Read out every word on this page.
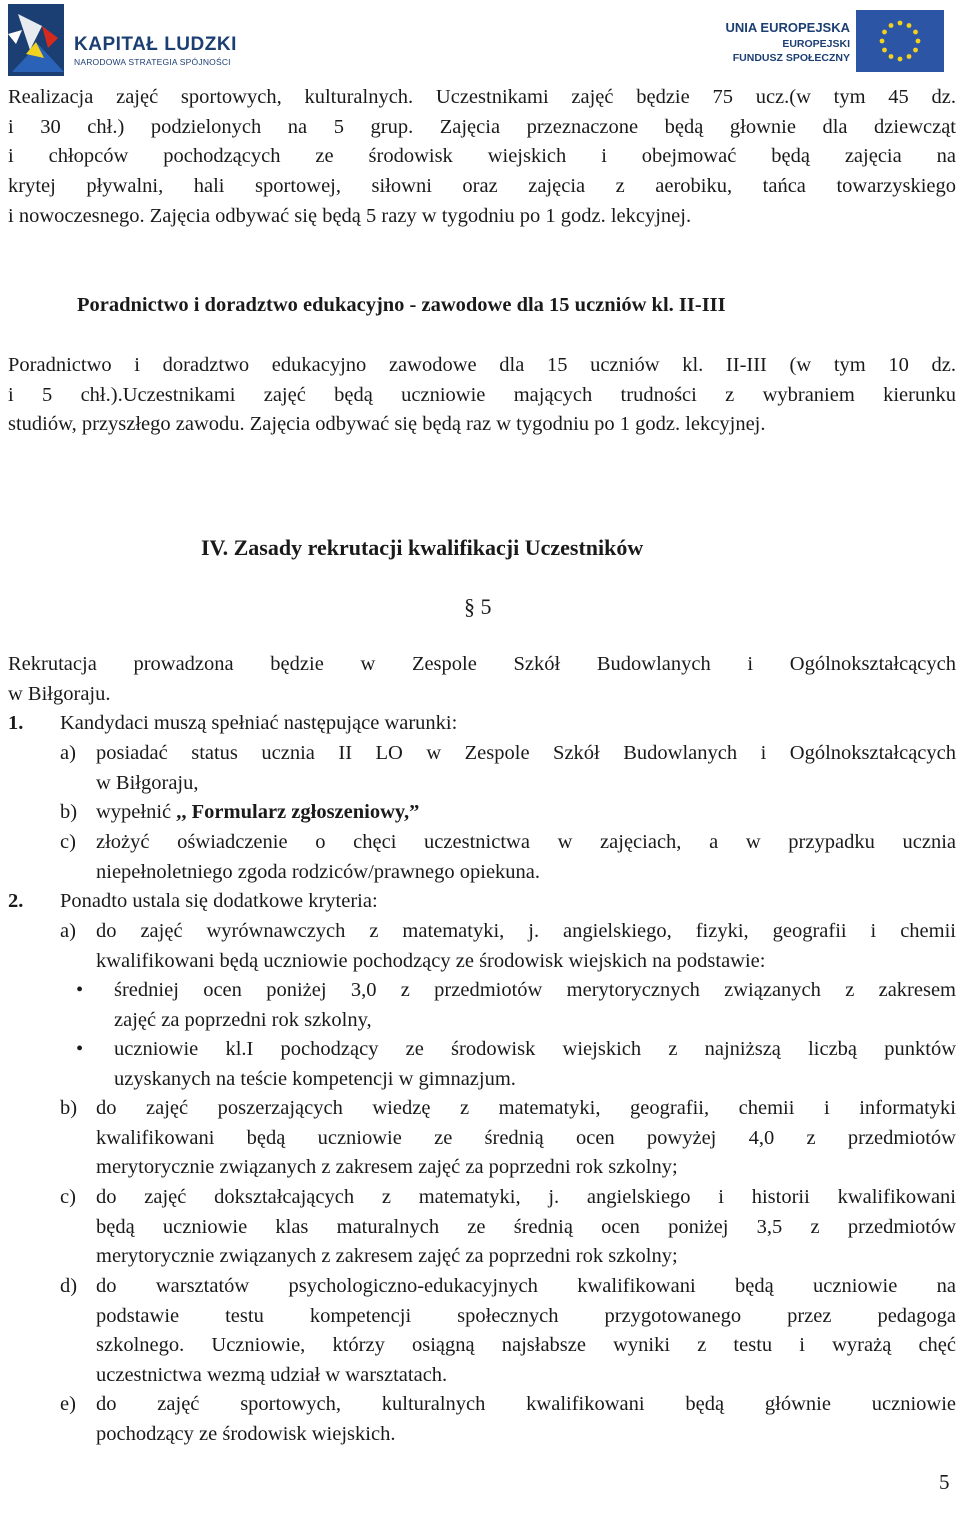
KAPITAŁ LUDZKI
NARODOWA STRATEGIA SPÓJNOŚCI
UNIA EUROPEJSKA
EUROPEJSKI
FUNDUSZ SPOŁECZNY
Realizacja zajęć sportowych, kulturalnych. Uczestnikami zajęć będzie 75 ucz.(w tym 45 dz.
i 30 chł.) podzielonych na 5 grup. Zajęcia przeznaczone będą głownie dla dziewcząt
i chłopców pochodzących ze środowisk wiejskich i obejmować będą zajęcia na
krytej pływalni, hali sportowej, siłowni oraz zajęcia z aerobiku, tańca towarzyskiego
i nowoczesnego. Zajęcia odbywać się będą 5 razy w tygodniu po 1 godz. lekcyjnej.
Poradnictwo i doradztwo edukacyjno - zawodowe dla 15 uczniów kl. II-III
Poradnictwo i doradztwo edukacyjno zawodowe dla 15 uczniów kl. II-III (w tym 10 dz.
i 5 chł.).Uczestnikami zajęć będą uczniowie mających trudności z wybraniem kierunku
studiów, przyszłego zawodu. Zajęcia odbywać się będą raz w tygodniu po 1 godz. lekcyjnej.
IV. Zasady rekrutacji kwalifikacji Uczestników
§ 5
Rekrutacja prowadzona będzie w Zespole Szkół Budowlanych i Ogólnokształcących
w Biłgoraju.
1. Kandydaci muszą spełniać następujące warunki:
a) posiadać status ucznia II LO w Zespole Szkół Budowlanych i Ogólnokształcących
w Biłgoraju,
b) wypełnić ,, Formularz zgłoszeniowy,”
c) złożyć oświadczenie o chęci uczestnictwa w zajęciach, a w przypadku ucznia
niepełnoletniego zgoda rodziców/prawnego opiekuna.
2. Ponadto ustala się dodatkowe kryteria:
a) do zajęć wyrównawczych z matematyki, j. angielskiego, fizyki, geografii i chemii
kwalifikowani będą uczniowie pochodzący ze środowisk wiejskich na podstawie:
• średniej ocen poniżej 3,0 z przedmiotów merytorycznych związanych z zakresem
zajęć za poprzedni rok szkolny,
• uczniowie kl.I pochodzący ze środowisk wiejskich z najniższą liczbą punktów
uzyskanych na teście kompetencji w gimnazjum.
b) do zajęć poszerzających wiedzę z matematyki, geografii, chemii i informatyki
kwalifikowani będą uczniowie ze średnią ocen powyżej 4,0 z przedmiotów
merytorycznie związanych z zakresem zajęć za poprzedni rok szkolny;
c) do zajęć dokształcających z matematyki, j. angielskiego i historii kwalifikowani
będą uczniowie klas maturalnych ze średnią ocen poniżej 3,5 z przedmiotów
merytorycznie związanych z zakresem zajęć za poprzedni rok szkolny;
d) do warsztatów psychologiczno-edukacyjnych kwalifikowani będą uczniowie na
podstawie testu kompetencji społecznych przygotowanego przez pedagoga
szkolnego. Uczniowie, którzy osiągną najsłabsze wyniki z testu i wyrażą chęć
uczestnictwa wezmą udział w warsztatach.
e) do zajęć sportowych, kulturalnych kwalifikowani będą głównie uczniowie
pochodzący ze środowisk wiejskich.
5
